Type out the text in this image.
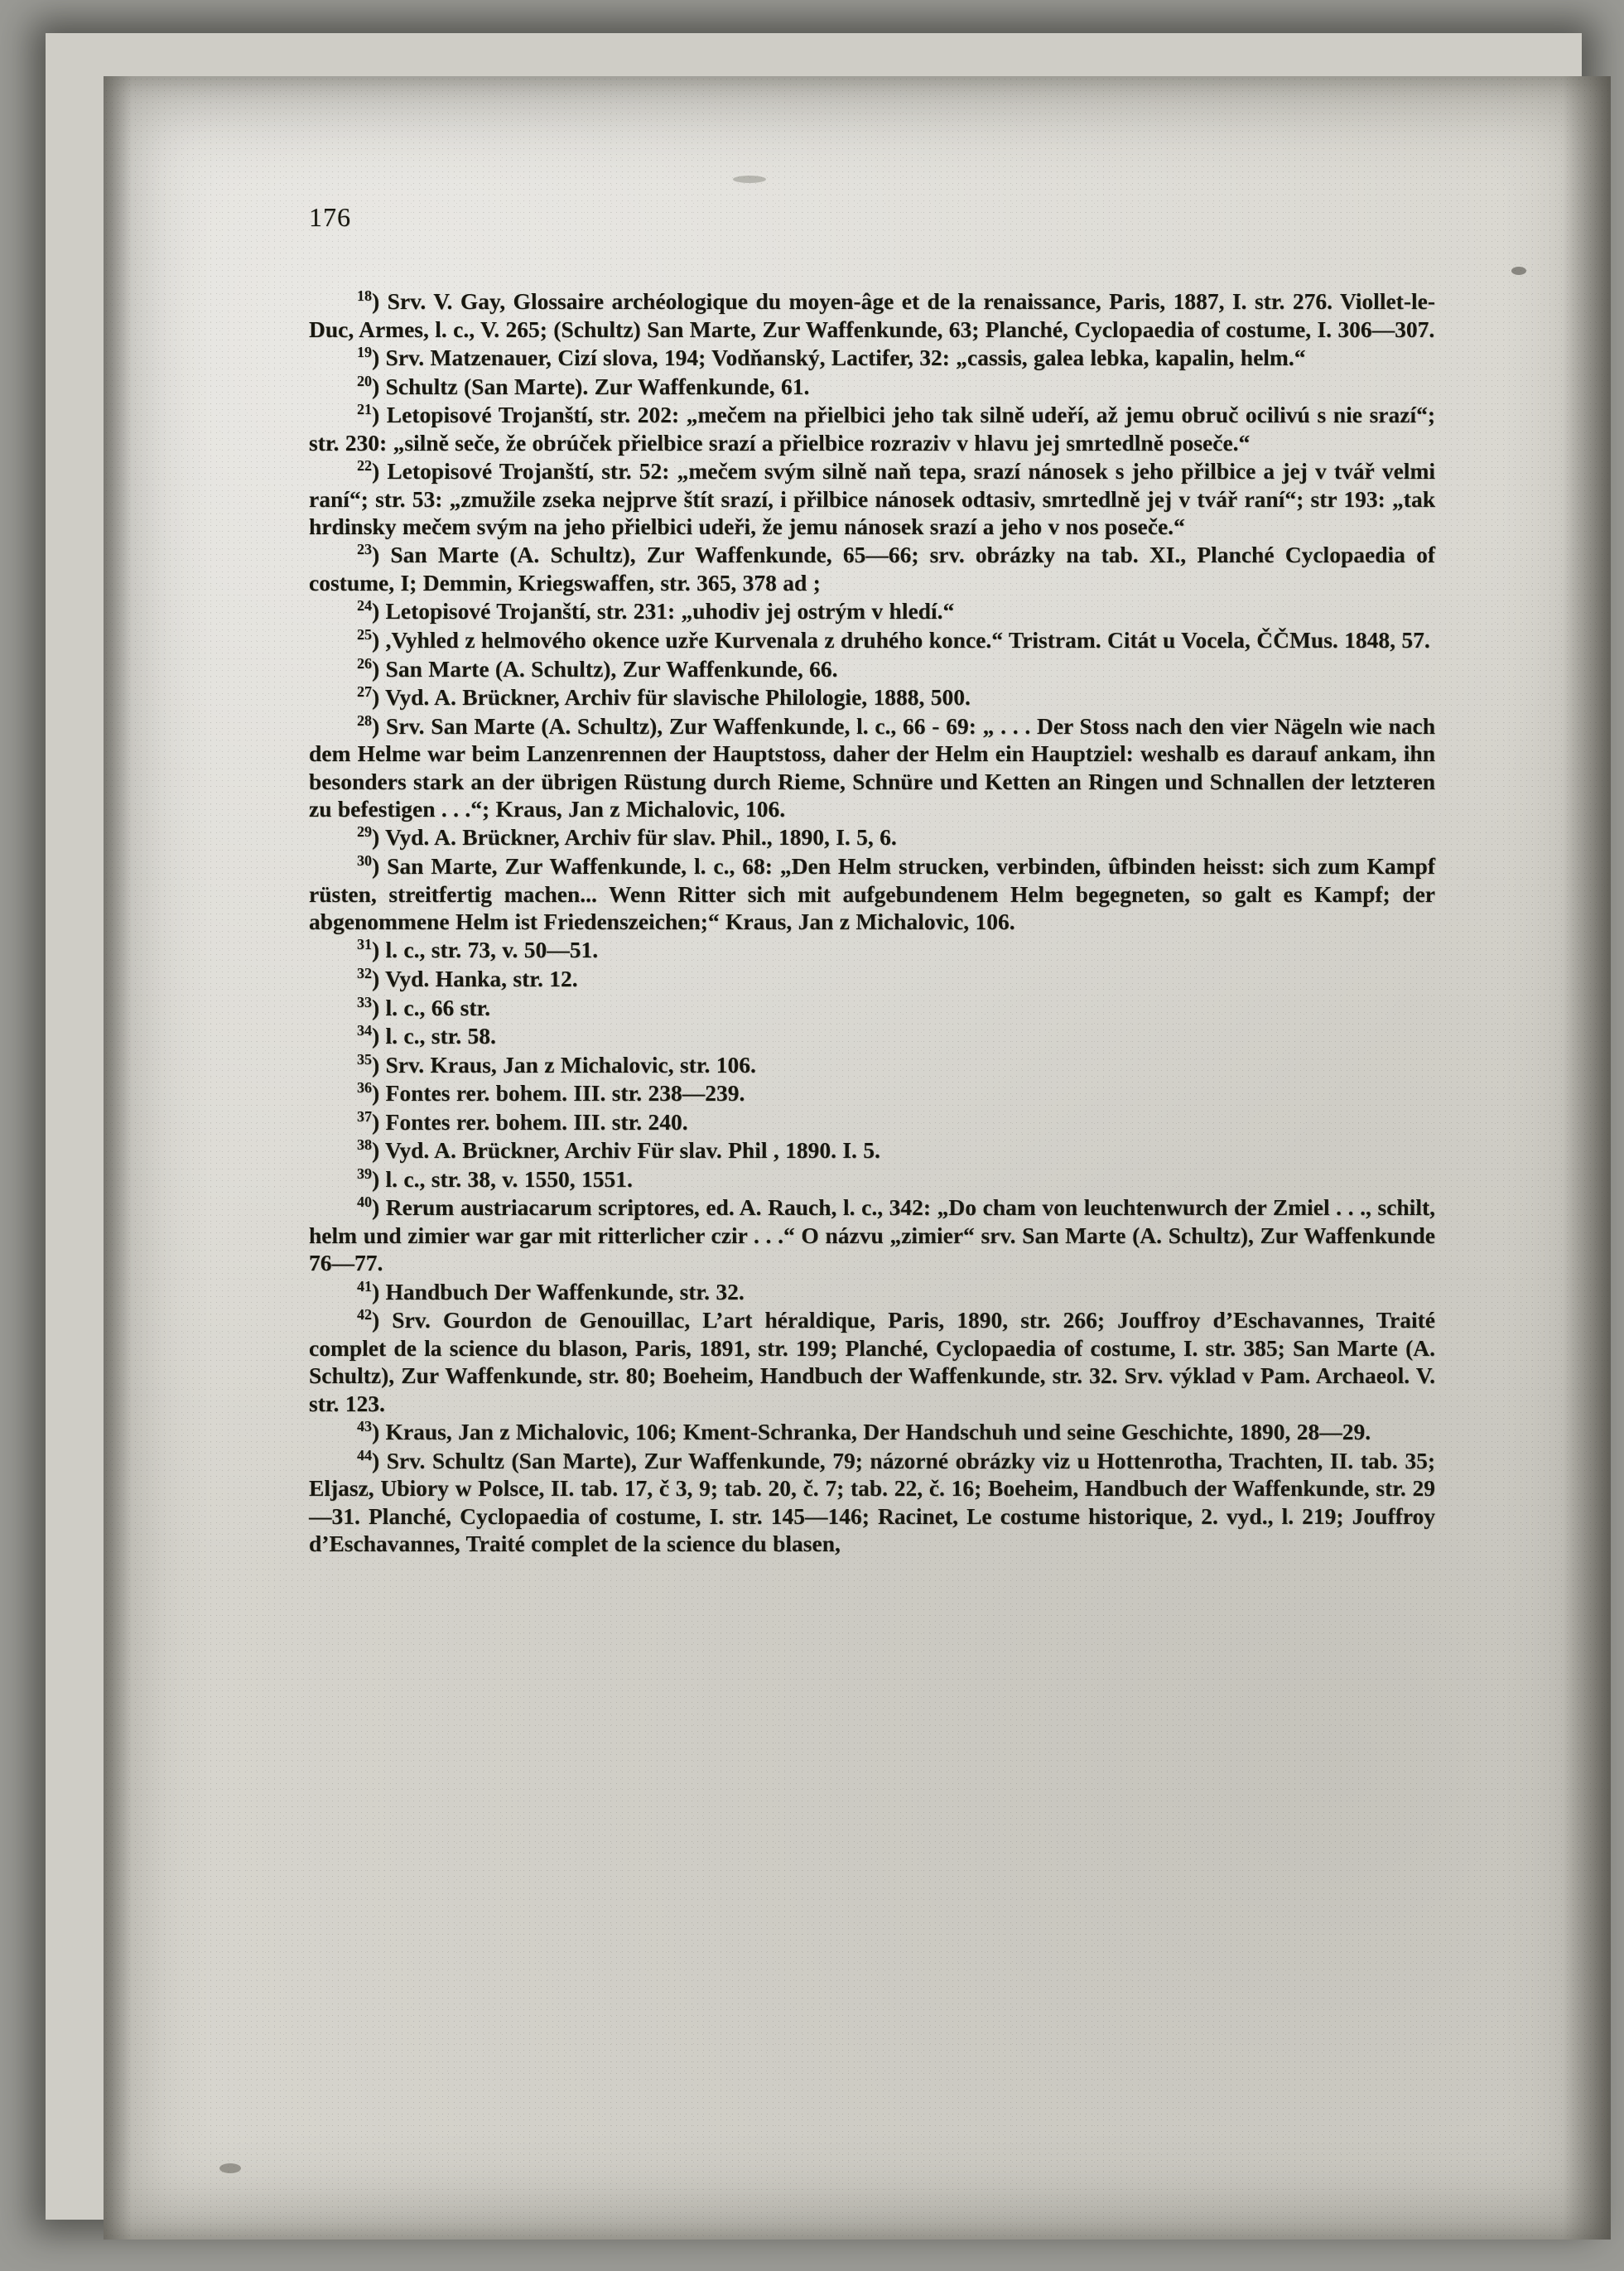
176

$^{18}$) Srv. V. Gay, Glossaire archéologique du moyen-âge et de la renaissance, Paris, 1887, I. str. 276. Viollet-le-Duc, Armes, l. c., V. 265; (Schultz) San Marte, Zur Waffenkunde, 63; Planché, Cyclopaedia of costume, I. 306—307.

$^{19}$) Srv. Matzenauer, Cizí slova, 194; Vodňanský, Lactifer, 32: „cassis, galea lebka, kapalin, helm.“

$^{20}$) Schultz (San Marte). Zur Waffenkunde, 61.

$^{21}$) Letopisové Trojanští, str. 202: „mečem na přielbici jeho tak silně udeří, až jemu obruč ocilivú s nie srazí“; str. 230: „silně seče, že obrúček přielbice srazí a přielbice rozraziv v hlavu jej smrtedlně poseče.“

$^{22}$) Letopisové Trojanští, str. 52: „mečem svým silně naň tepa, srazí nánosek s jeho přilbice a jej v tvář velmi raní“; str. 53: „zmužile zseka nejprve štít srazí, i přilbice nánosek odtasiv, smrtedlně jej v tvář raní“; str 193: „tak hrdinsky mečem svým na jeho přielbici udeři, že jemu nánosek srazí a jeho v nos poseče.“

$^{23}$) San Marte (A. Schultz), Zur Waffenkunde, 65—66; srv. obrázky na tab. XI., Planché Cyclopaedia of costume, I; Demmin, Kriegswaffen, str. 365, 378 ad ;

$^{24}$) Letopisové Trojanští, str. 231: „uhodiv jej ostrým v hledí.“

$^{25}$) ,Vyhled z helmového okence uzře Kurvenala z druhého konce.“ Tristram. Citát u Vocela, ČČMus. 1848, 57.

$^{26}$) San Marte (A. Schultz), Zur Waffenkunde, 66.

$^{27}$) Vyd. A. Brückner, Archiv für slavische Philologie, 1888, 500.

$^{28}$) Srv. San Marte (A. Schultz), Zur Waffenkunde, l. c., 66 - 69: „ . . . Der Stoss nach den vier Nägeln wie nach dem Helme war beim Lanzenrennen der Hauptstoss, daher der Helm ein Hauptziel: weshalb es darauf ankam, ihn besonders stark an der übrigen Rüstung durch Rieme, Schnüre und Ketten an Ringen und Schnallen der letzteren zu befestigen . . .“; Kraus, Jan z Michalovic, 106.

$^{29}$) Vyd. A. Brückner, Archiv für slav. Phil., 1890, I. 5, 6.

$^{30}$) San Marte, Zur Waffenkunde, l. c., 68: „Den Helm strucken, verbinden, ûfbinden heisst: sich zum Kampf rüsten, streitfertig machen... Wenn Ritter sich mit aufgebundenem Helm begegneten, so galt es Kampf; der abgenommene Helm ist Friedenszeichen;“ Kraus, Jan z Michalovic, 106.

$^{31}$) l. c., str. 73, v. 50—51.

$^{32}$) Vyd. Hanka, str. 12.

$^{33}$) l. c., 66 str.

$^{34}$) l. c., str. 58.

$^{35}$) Srv. Kraus, Jan z Michalovic, str. 106.

$^{36}$) Fontes rer. bohem. III. str. 238—239.

$^{37}$) Fontes rer. bohem. III. str. 240.

$^{38}$) Vyd. A. Brückner, Archiv Für slav. Phil , 1890. I. 5.

$^{39}$) l. c., str. 38, v. 1550, 1551.

$^{40}$) Rerum austriacarum scriptores, ed. A. Rauch, l. c., 342: „Do cham von leuchtenwurch der Zmiel . . ., schilt, helm und zimier war gar mit ritterlicher czir . . .“ O názvu „zimier“ srv. San Marte (A. Schultz), Zur Waffenkunde 76—77.

$^{41}$) Handbuch Der Waffenkunde, str. 32.

$^{42}$) Srv. Gourdon de Genouillac, L’art héraldique, Paris, 1890, str. 266; Jouffroy d’Eschavannes, Traité complet de la science du blason, Paris, 1891, str. 199; Planché, Cyclopaedia of costume, I. str. 385; San Marte (A. Schultz), Zur Waffenkunde, str. 80; Boeheim, Handbuch der Waffenkunde, str. 32. Srv. výklad v Pam. Archaeol. V. str. 123.

$^{43}$) Kraus, Jan z Michalovic, 106; Kment-Schranka, Der Handschuh und seine Geschichte, 1890, 28—29.

$^{44}$) Srv. Schultz (San Marte), Zur Waffenkunde, 79; názorné obrázky viz u Hottenrotha, Trachten, II. tab. 35; Eljasz, Ubiory w Polsce, II. tab. 17, č 3, 9; tab. 20, č. 7; tab. 22, č. 16; Boeheim, Handbuch der Waffenkunde, str. 29—31. Planché, Cyclopaedia of costume, I. str. 145—146; Racinet, Le costume historique, 2. vyd., l. 219; Jouffroy d’Eschavannes, Traité complet de la science du blasen,
